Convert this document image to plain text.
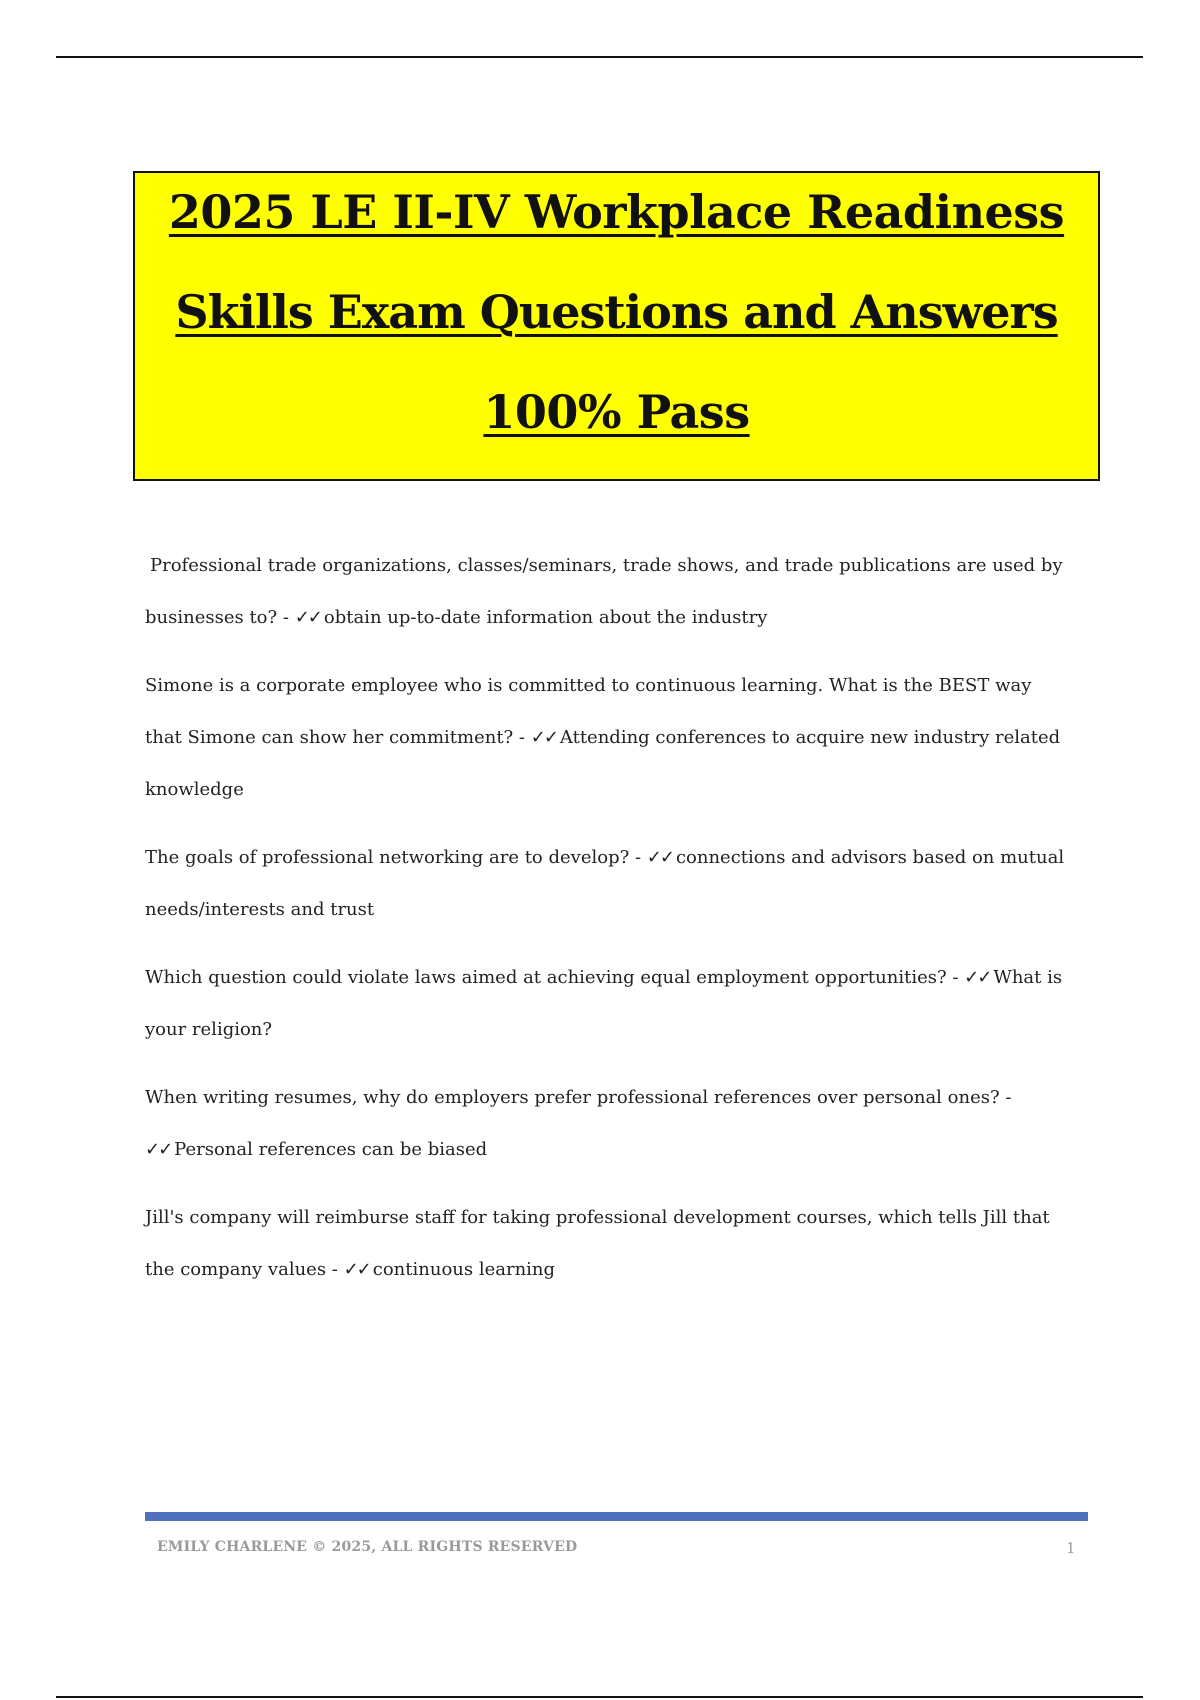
2025 LE II-IV Workplace Readiness
Skills Exam Questions and Answers
100% Pass
Professional trade organizations, classes/seminars, trade shows, and trade publications are used by businesses to? - ✓✓ obtain up-to-date information about the industry
Simone is a corporate employee who is committed to continuous learning. What is the BEST way that Simone can show her commitment? - ✓✓ Attending conferences to acquire new industry related knowledge
The goals of professional networking are to develop? - ✓✓ connections and advisors based on mutual needs/interests and trust
Which question could violate laws aimed at achieving equal employment opportunities? - ✓✓ What is your religion?
When writing resumes, why do employers prefer professional references over personal ones? - ✓✓ Personal references can be biased
Jill's company will reimburse staff for taking professional development courses, which tells Jill that the company values - ✓✓ continuous learning
EMILY CHARLENE © 2025, ALL RIGHTS RESERVED	1
